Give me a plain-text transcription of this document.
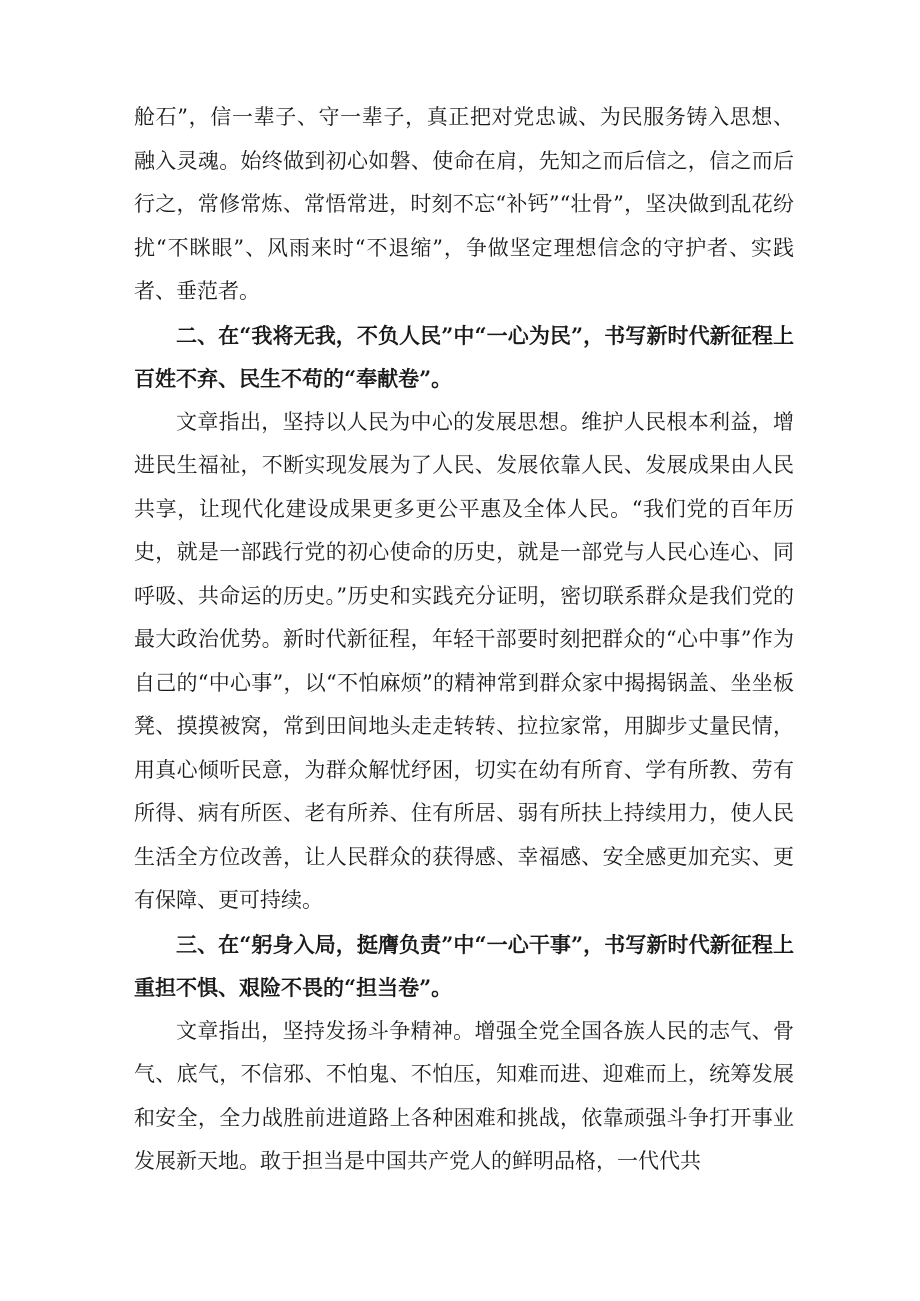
舱石”，信一辈子、守一辈子，真正把对党忠诚、为民服务铸入思想、融入灵魂。始终做到初心如磐、使命在肩，先知之而后信之，信之而后行之，常修常炼、常悟常进，时刻不忘“补钙”“壮骨”，坚决做到乱花纷扰“不眯眼”、风雨来时“不退缩”，争做坚定理想信念的守护者、实践者、垂范者。

二、在“我将无我，不负人民”中“一心为民”，书写新时代新征程上百姓不弃、民生不苟的“奉献卷”。

文章指出，坚持以人民为中心的发展思想。维护人民根本利益，增进民生福祉，不断实现发展为了人民、发展依靠人民、发展成果由人民共享，让现代化建设成果更多更公平惠及全体人民。“我们党的百年历史，就是一部践行党的初心使命的历史，就是一部党与人民心连心、同呼吸、共命运的历史。”历史和实践充分证明，密切联系群众是我们党的最大政治优势。新时代新征程，年轻干部要时刻把群众的“心中事”作为自己的“中心事”，以“不怕麻烦”的精神常到群众家中揭揭锅盖、坐坐板凳、摸摸被窝，常到田间地头走走转转、拉拉家常，用脚步丈量民情，用真心倾听民意，为群众解忧纾困，切实在幼有所育、学有所教、劳有所得、病有所医、老有所养、住有所居、弱有所扶上持续用力，使人民生活全方位改善，让人民群众的获得感、幸福感、安全感更加充实、更有保障、更可持续。

三、在“躬身入局，挺膺负责”中“一心干事”，书写新时代新征程上重担不惧、艰险不畏的“担当卷”。

文章指出，坚持发扬斗争精神。增强全党全国各族人民的志气、骨气、底气，不信邪、不怕鬼、不怕压，知难而进、迎难而上，统筹发展和安全，全力战胜前进道路上各种困难和挑战，依靠顽强斗争打开事业发展新天地。敢于担当是中国共产党人的鲜明品格，一代代共
